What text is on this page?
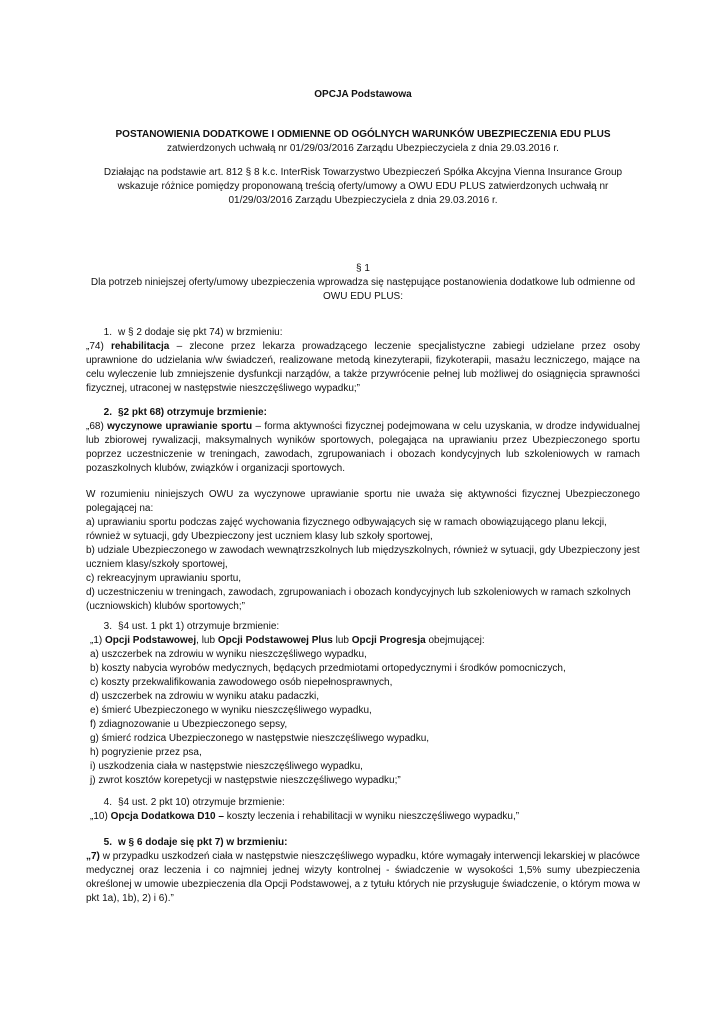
OPCJA Podstawowa

POSTANOWIENIA DODATKOWE I ODMIENNE OD OGÓLNYCH WARUNKÓW UBEZPIECZENIA EDU PLUS

zatwierdzonych uchwałą nr 01/29/03/2016 Zarządu Ubezpieczyciela z dnia 29.03.2016 r.

Działając na podstawie art. 812 § 8 k.c. InterRisk Towarzystwo Ubezpieczeń Spółka Akcyjna Vienna Insurance Group wskazuje różnice pomiędzy proponowaną treścią oferty/umowy a OWU EDU PLUS zatwierdzonych uchwałą nr 01/29/03/2016 Zarządu Ubezpieczyciela z dnia 29.03.2016 r.

§ 1

Dla potrzeb niniejszej oferty/umowy ubezpieczenia wprowadza się następujące postanowienia dodatkowe lub odmienne od OWU EDU PLUS:

1. w § 2 dodaje się pkt 74) w brzmieniu:

„74) rehabilitacja – zlecone przez lekarza prowadzącego leczenie specjalistyczne zabiegi udzielane przez osoby uprawnione do udzielania w/w świadczeń, realizowane metodą kinezyterapii, fizykoterapii, masażu leczniczego, mające na celu wyleczenie lub zmniejszenie dysfunkcji narządów, a także przywrócenie pełnej lub możliwej do osiągnięcia sprawności fizycznej, utraconej w następstwie nieszczęśliwego wypadku;”

2. §2 pkt 68) otrzymuje brzmienie:

„68) wyczynowe uprawianie sportu – forma aktywności fizycznej podejmowana w celu uzyskania, w drodze indywidualnej lub zbiorowej rywalizacji, maksymalnych wyników sportowych, polegająca na uprawianiu przez Ubezpieczonego sportu poprzez uczestniczenie w treningach, zawodach, zgrupowaniach i obozach kondycyjnych lub szkoleniowych w ramach pozaszkolnych klubów, związków i organizacji sportowych.

W rozumieniu niniejszych OWU za wyczynowe uprawianie sportu nie uważa się aktywności fizycznej Ubezpieczonego polegającej na:

a) uprawianiu sportu podczas zajęć wychowania fizycznego odbywających się w ramach obowiązującego planu lekcji, również w sytuacji, gdy Ubezpieczony jest uczniem klasy lub szkoły sportowej,

b) udziale Ubezpieczonego w zawodach wewnątrzszkolnych lub międzyszkolnych, również w sytuacji, gdy Ubezpieczony jest uczniem klasy/szkoły sportowej,

c) rekreacyjnym uprawianiu sportu,

d) uczestniczeniu w treningach, zawodach, zgrupowaniach i obozach kondycyjnych lub szkoleniowych w ramach szkolnych (uczniowskich) klubów sportowych;”

3. §4 ust. 1 pkt 1) otrzymuje brzmienie:

„1) Opcji Podstawowej, lub Opcji Podstawowej Plus lub Opcji Progresja obejmującej:

a) uszczerbek na zdrowiu w wyniku nieszczęśliwego wypadku,

b) koszty nabycia wyrobów medycznych, będących przedmiotami ortopedycznymi i środków pomocniczych,

c) koszty przekwalifikowania zawodowego osób niepełnosprawnych,

d) uszczerbek na zdrowiu w wyniku ataku padaczki,

e) śmierć Ubezpieczonego w wyniku nieszczęśliwego wypadku,

f) zdiagnozowanie u Ubezpieczonego sepsy,

g) śmierć rodzica Ubezpieczonego w następstwie nieszczęśliwego wypadku,

h) pogryzienie przez psa,

i) uszkodzenia ciała w następstwie nieszczęśliwego wypadku,

j) zwrot kosztów korepetycji w następstwie nieszczęśliwego wypadku;”

4. §4 ust. 2 pkt 10) otrzymuje brzmienie:

„10) Opcja Dodatkowa D10 – koszty leczenia i rehabilitacji w wyniku nieszczęśliwego wypadku,”

5. w § 6 dodaje się pkt 7) w brzmieniu:

„7) w przypadku uszkodzeń ciała w następstwie nieszczęśliwego wypadku, które wymagały interwencji lekarskiej w placówce medycznej oraz leczenia i co najmniej jednej wizyty kontrolnej - świadczenie w wysokości 1,5% sumy ubezpieczenia określonej w umowie ubezpieczenia dla Opcji Podstawowej, a z tytułu których nie przysługuje świadczenie, o którym mowa w pkt 1a), 1b), 2) i 6).”
